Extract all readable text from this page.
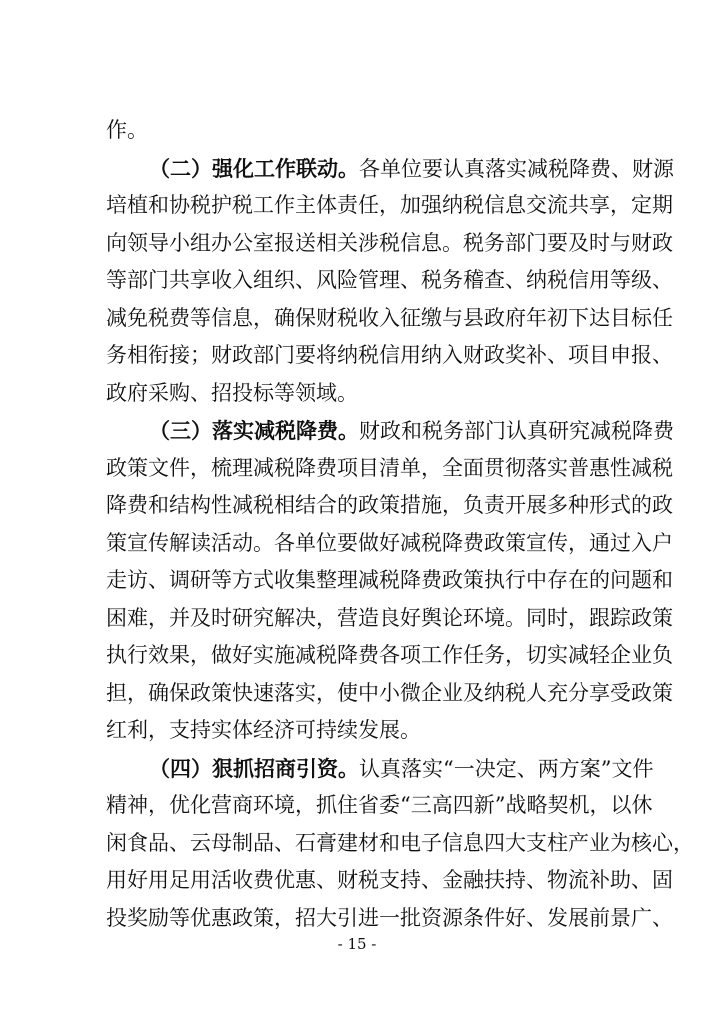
作。
（二）强化工作联动。各单位要认真落实减税降费、财源
培植和协税护税工作主体责任，加强纳税信息交流共享，定期
向领导小组办公室报送相关涉税信息。税务部门要及时与财政
等部门共享收入组织、风险管理、税务稽查、纳税信用等级、
减免税费等信息，确保财税收入征缴与县政府年初下达目标任
务相衔接；财政部门要将纳税信用纳入财政奖补、项目申报、
政府采购、招投标等领域。
（三）落实减税降费。财政和税务部门认真研究减税降费
政策文件，梳理减税降费项目清单，全面贯彻落实普惠性减税
降费和结构性减税相结合的政策措施，负责开展多种形式的政
策宣传解读活动。各单位要做好减税降费政策宣传，通过入户
走访、调研等方式收集整理减税降费政策执行中存在的问题和
困难，并及时研究解决，营造良好舆论环境。同时，跟踪政策
执行效果，做好实施减税降费各项工作任务，切实减轻企业负
担，确保政策快速落实，使中小微企业及纳税人充分享受政策
红利，支持实体经济可持续发展。
（四）狠抓招商引资。认真落实“一决定、两方案”文件
精神，优化营商环境，抓住省委“三高四新”战略契机，以休
闲食品、云母制品、石膏建材和电子信息四大支柱产业为核心，
用好用足用活收费优惠、财税支持、金融扶持、物流补助、固
投奖励等优惠政策，招大引进一批资源条件好、发展前景广、
- 15 -
